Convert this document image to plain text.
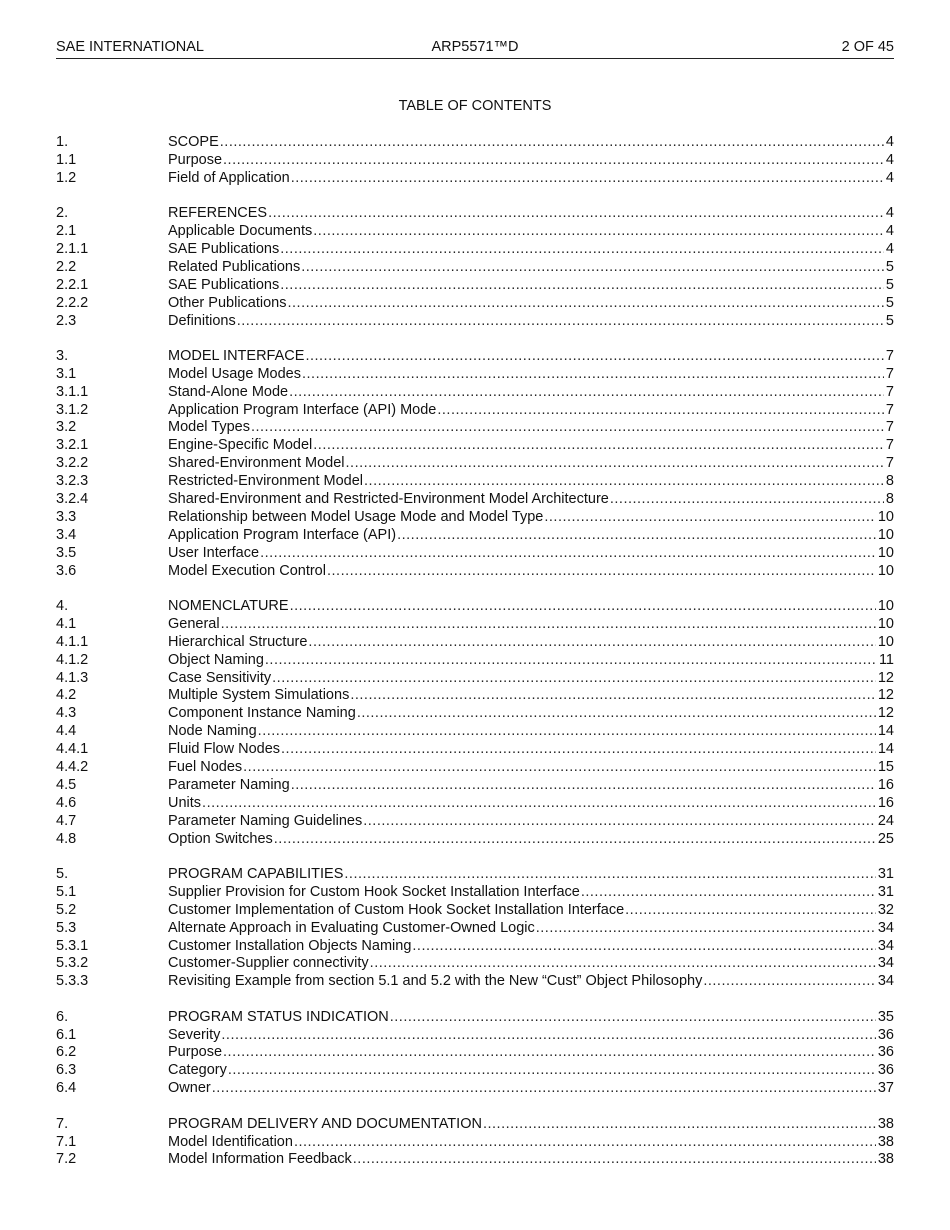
SAE INTERNATIONAL	ARP5571™D	2 OF 45
TABLE OF CONTENTS
1.	SCOPE .....	4
1.1	Purpose .....	4
1.2	Field of Application .....	4
2.	REFERENCES .....	4
2.1	Applicable Documents .....	4
2.1.1	SAE Publications .....	4
2.2	Related Publications .....	5
2.2.1	SAE Publications .....	5
2.2.2	Other Publications .....	5
2.3	Definitions .....	5
3.	MODEL INTERFACE .....	7
3.1	Model Usage Modes .....	7
3.1.1	Stand-Alone Mode .....	7
3.1.2	Application Program Interface (API) Mode .....	7
3.2	Model Types .....	7
3.2.1	Engine-Specific Model .....	7
3.2.2	Shared-Environment Model .....	7
3.2.3	Restricted-Environment Model .....	8
3.2.4	Shared-Environment and Restricted-Environment Model Architecture .....	8
3.3	Relationship between Model Usage Mode and Model Type .....	10
3.4	Application Program Interface (API) .....	10
3.5	User Interface .....	10
3.6	Model Execution Control .....	10
4.	NOMENCLATURE .....	10
4.1	General .....	10
4.1.1	Hierarchical Structure .....	10
4.1.2	Object Naming .....	11
4.1.3	Case Sensitivity .....	12
4.2	Multiple System Simulations .....	12
4.3	Component Instance Naming .....	12
4.4	Node Naming .....	14
4.4.1	Fluid Flow Nodes .....	14
4.4.2	Fuel Nodes .....	15
4.5	Parameter Naming .....	16
4.6	Units .....	16
4.7	Parameter Naming Guidelines .....	24
4.8	Option Switches .....	25
5.	PROGRAM CAPABILITIES .....	31
5.1	Supplier Provision for Custom Hook Socket Installation Interface .....	31
5.2	Customer Implementation of Custom Hook Socket Installation Interface .....	32
5.3	Alternate Approach in Evaluating Customer-Owned Logic .....	34
5.3.1	Customer Installation Objects Naming .....	34
5.3.2	Customer-Supplier connectivity .....	34
5.3.3	Revisiting Example from section 5.1 and 5.2 with the New “Cust” Object Philosophy .....	34
6.	PROGRAM STATUS INDICATION .....	35
6.1	Severity .....	36
6.2	Purpose .....	36
6.3	Category .....	36
6.4	Owner .....	37
7.	PROGRAM DELIVERY AND DOCUMENTATION .....	38
7.1	Model Identification .....	38
7.2	Model Information Feedback .....	38
